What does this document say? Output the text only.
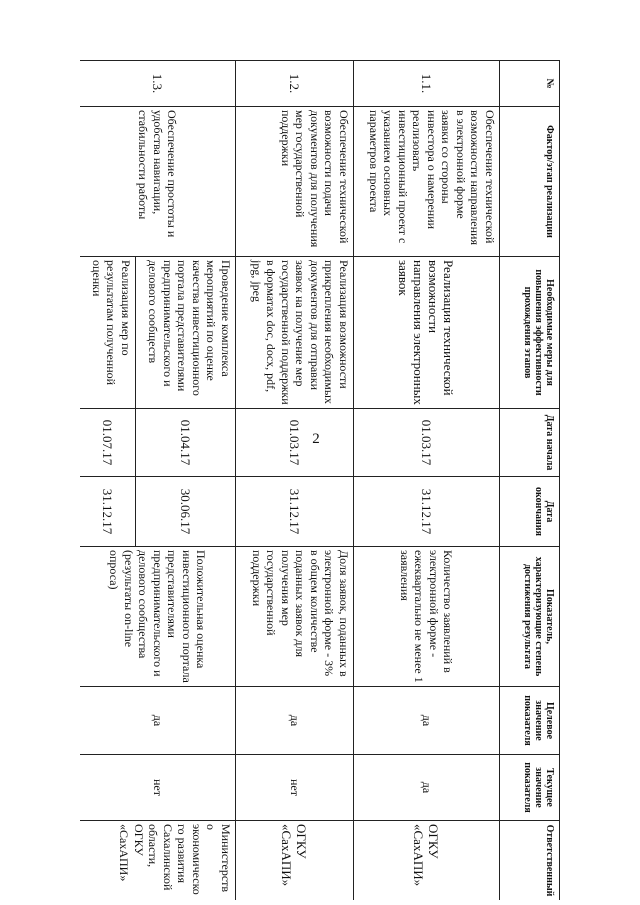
2
№	Фактор/этап реализации	Необходимые меры для повышения эффективности прохождения этапов	Дата начала	Дата окончания	Показатель, характеризующие степень достижения результата	Целевое значение показателя	Текущее значение показателя	Ответственный
1.1.	Обеспечение технической возможности направления в электронной форме заявки со стороны инвестора о намерении реализовать инвестиционный проект с указанием основных параметров проекта	Реализация технической возможности направления электронных заявок	01.03.17	31.12.17	Количество заявлений в электронной форме - ежеквартально не менее 1 заявления	да	да	ОГКУ «СахАПИ»
1.2.	Обеспечение технической возможности подачи документов для получения мер государственной поддержки	Реализация возможности прикрепления необходимых документов для отправки заявок на получение мер государственной поддержки в форматах doc, docx, pdf, jpg, jpeg	01.03.17	31.12.17	Доля заявок, поданных в электронной форме - 3% в общем количестве поданных заявок для получения мер государственной поддержки	да	нет	ОГКУ «СахАПИ»
1.3.	Обеспечение простоты и удобства навигации, стабильности работы	Проведение комплекса мероприятий по оценке качества инвестиционного портала представителями предпринимательского и делового сообществ	01.04.17	30.06.17	Положительная оценка инвестиционного портала представителями предпринимательского и делового сообщества (результаты on-line опроса)	да	нет	Министерство экономического развития Сахалинской области, ОГКУ «СахАПИ»
		Реализация мер по результатам полученной оценки	01.07.17	31.12.17				
